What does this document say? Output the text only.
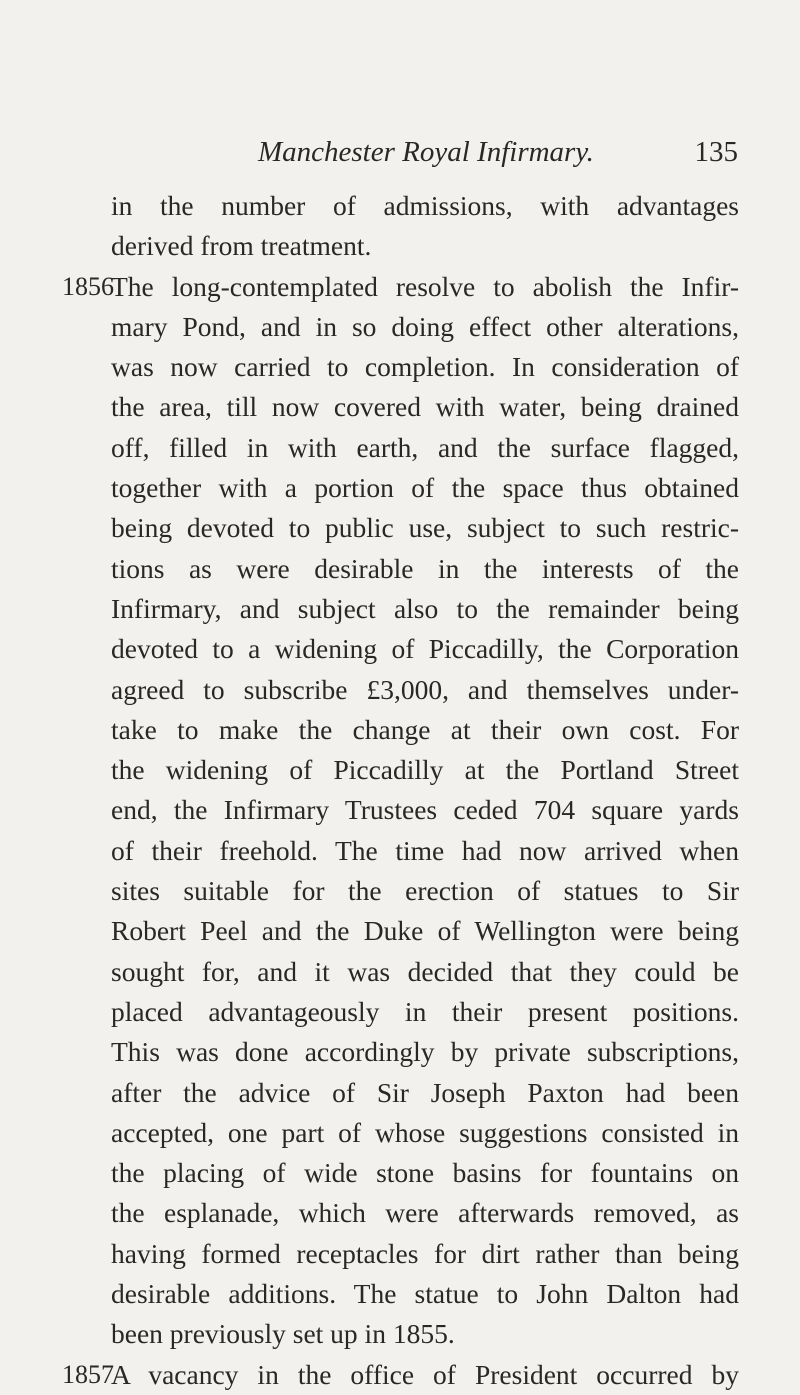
Manchester Royal Infirmary.	135
in the number of admissions, with advantages
derived from treatment.
1856
The long-contemplated resolve to abolish the Infir-
mary Pond, and in so doing effect other alterations,
was now carried to completion. In consideration of
the area, till now covered with water, being drained
off, filled in with earth, and the surface flagged,
together with a portion of the space thus obtained
being devoted to public use, subject to such restric-
tions as were desirable in the interests of the
Infirmary, and subject also to the remainder being
devoted to a widening of Piccadilly, the Corporation
agreed to subscribe £3,000, and themselves under-
take to make the change at their own cost. For
the widening of Piccadilly at the Portland Street
end, the Infirmary Trustees ceded 704 square yards
of their freehold. The time had now arrived when
sites suitable for the erection of statues to Sir
Robert Peel and the Duke of Wellington were being
sought for, and it was decided that they could be
placed advantageously in their present positions.
This was done accordingly by private subscriptions,
after the advice of Sir Joseph Paxton had been
accepted, one part of whose suggestions consisted in
the placing of wide stone basins for fountains on
the esplanade, which were afterwards removed, as
having formed receptacles for dirt rather than being
desirable additions. The statue to John Dalton had
been previously set up in 1855.
1857
A vacancy in the office of President occurred by
